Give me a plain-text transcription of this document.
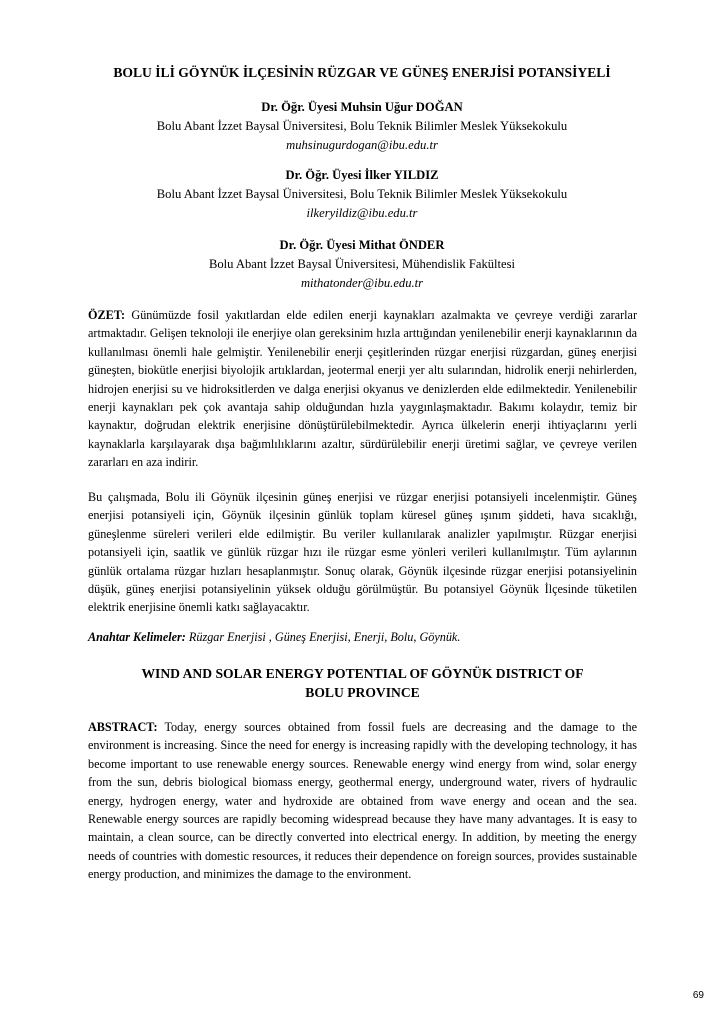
BOLU İLİ GÖYNÜK İLÇESİNİN RÜZGAR VE GÜNEŞ ENERJİSİ POTANSİYELİ
Dr. Öğr. Üyesi Muhsin Uğur DOĞAN
Bolu Abant İzzet Baysal Üniversitesi, Bolu Teknik Bilimler Meslek Yüksekokulu
muhsinugurdogan@ibu.edu.tr
Dr. Öğr. Üyesi İlker YILDIZ
Bolu Abant İzzet Baysal Üniversitesi, Bolu Teknik Bilimler Meslek Yüksekokulu
ilkeryildiz@ibu.edu.tr
Dr. Öğr. Üyesi Mithat ÖNDER
Bolu Abant İzzet Baysal Üniversitesi, Mühendislik Fakültesi
mithatonder@ibu.edu.tr
ÖZET: Günümüzde fosil yakıtlardan elde edilen enerji kaynakları azalmakta ve çevreye verdiği zararlar artmaktadır. Gelişen teknoloji ile enerjiye olan gereksinim hızla arttığından yenilenebilir enerji kaynaklarının da kullanılması önemli hale gelmiştir. Yenilenebilir enerji çeşitlerinden rüzgar enerjisi rüzgardan, güneş enerjisi güneşten, biokütle enerjisi biyolojik artıklardan, jeotermal enerji yer altı sularından, hidrolik enerji nehirlerden, hidrojen enerjisi su ve hidroksitlerden ve dalga enerjisi okyanus ve denizlerden elde edilmektedir. Yenilenebilir enerji kaynakları pek çok avantaja sahip olduğundan hızla yaygınlaşmaktadır. Bakımı kolaydır, temiz bir kaynaktır, doğrudan elektrik enerjisine dönüştürülebilmektedir. Ayrıca ülkelerin enerji ihtiyaçlarını yerli kaynaklarla karşılayarak dışa bağımlılıklarını azaltır, sürdürülebilir enerji üretimi sağlar, ve çevreye verilen zararları en aza indirir.
Bu çalışmada, Bolu ili Göynük ilçesinin güneş enerjisi ve rüzgar enerjisi potansiyeli incelenmiştir. Güneş enerjisi potansiyeli için, Göynük ilçesinin günlük toplam küresel güneş ışınım şiddeti, hava sıcaklığı, güneşlenme süreleri verileri elde edilmiştir. Bu veriler kullanılarak analizler yapılmıştır. Rüzgar enerjisi potansiyeli için, saatlik ve günlük rüzgar hızı ile rüzgar esme yönleri verileri kullanılmıştır. Tüm aylarının günlük ortalama rüzgar hızları hesaplanmıştır. Sonuç olarak, Göynük ilçesinde rüzgar enerjisi potansiyelinin düşük, güneş enerjisi potansiyelinin yüksek olduğu görülmüştür. Bu potansiyel Göynük İlçesinde tüketilen elektrik enerjisine önemli katkı sağlayacaktır.
Anahtar Kelimeler: Rüzgar Enerjisi , Güneş Enerjisi, Enerji, Bolu, Göynük.
WIND AND SOLAR ENERGY POTENTIAL OF GÖYNÜK DISTRICT OF
BOLU PROVINCE
ABSTRACT: Today, energy sources obtained from fossil fuels are decreasing and the damage to the environment is increasing. Since the need for energy is increasing rapidly with the developing technology, it has become important to use renewable energy sources. Renewable energy wind energy from wind, solar energy from the sun, debris biological biomass energy, geothermal energy, underground water, rivers of hydraulic energy, hydrogen energy, water and hydroxide are obtained from wave energy and ocean and the sea. Renewable energy sources are rapidly becoming widespread because they have many advantages. It is easy to maintain, a clean source, can be directly converted into electrical energy. In addition, by meeting the energy needs of countries with domestic resources, it reduces their dependence on foreign sources, provides sustainable energy production, and minimizes the damage to the environment.
69
